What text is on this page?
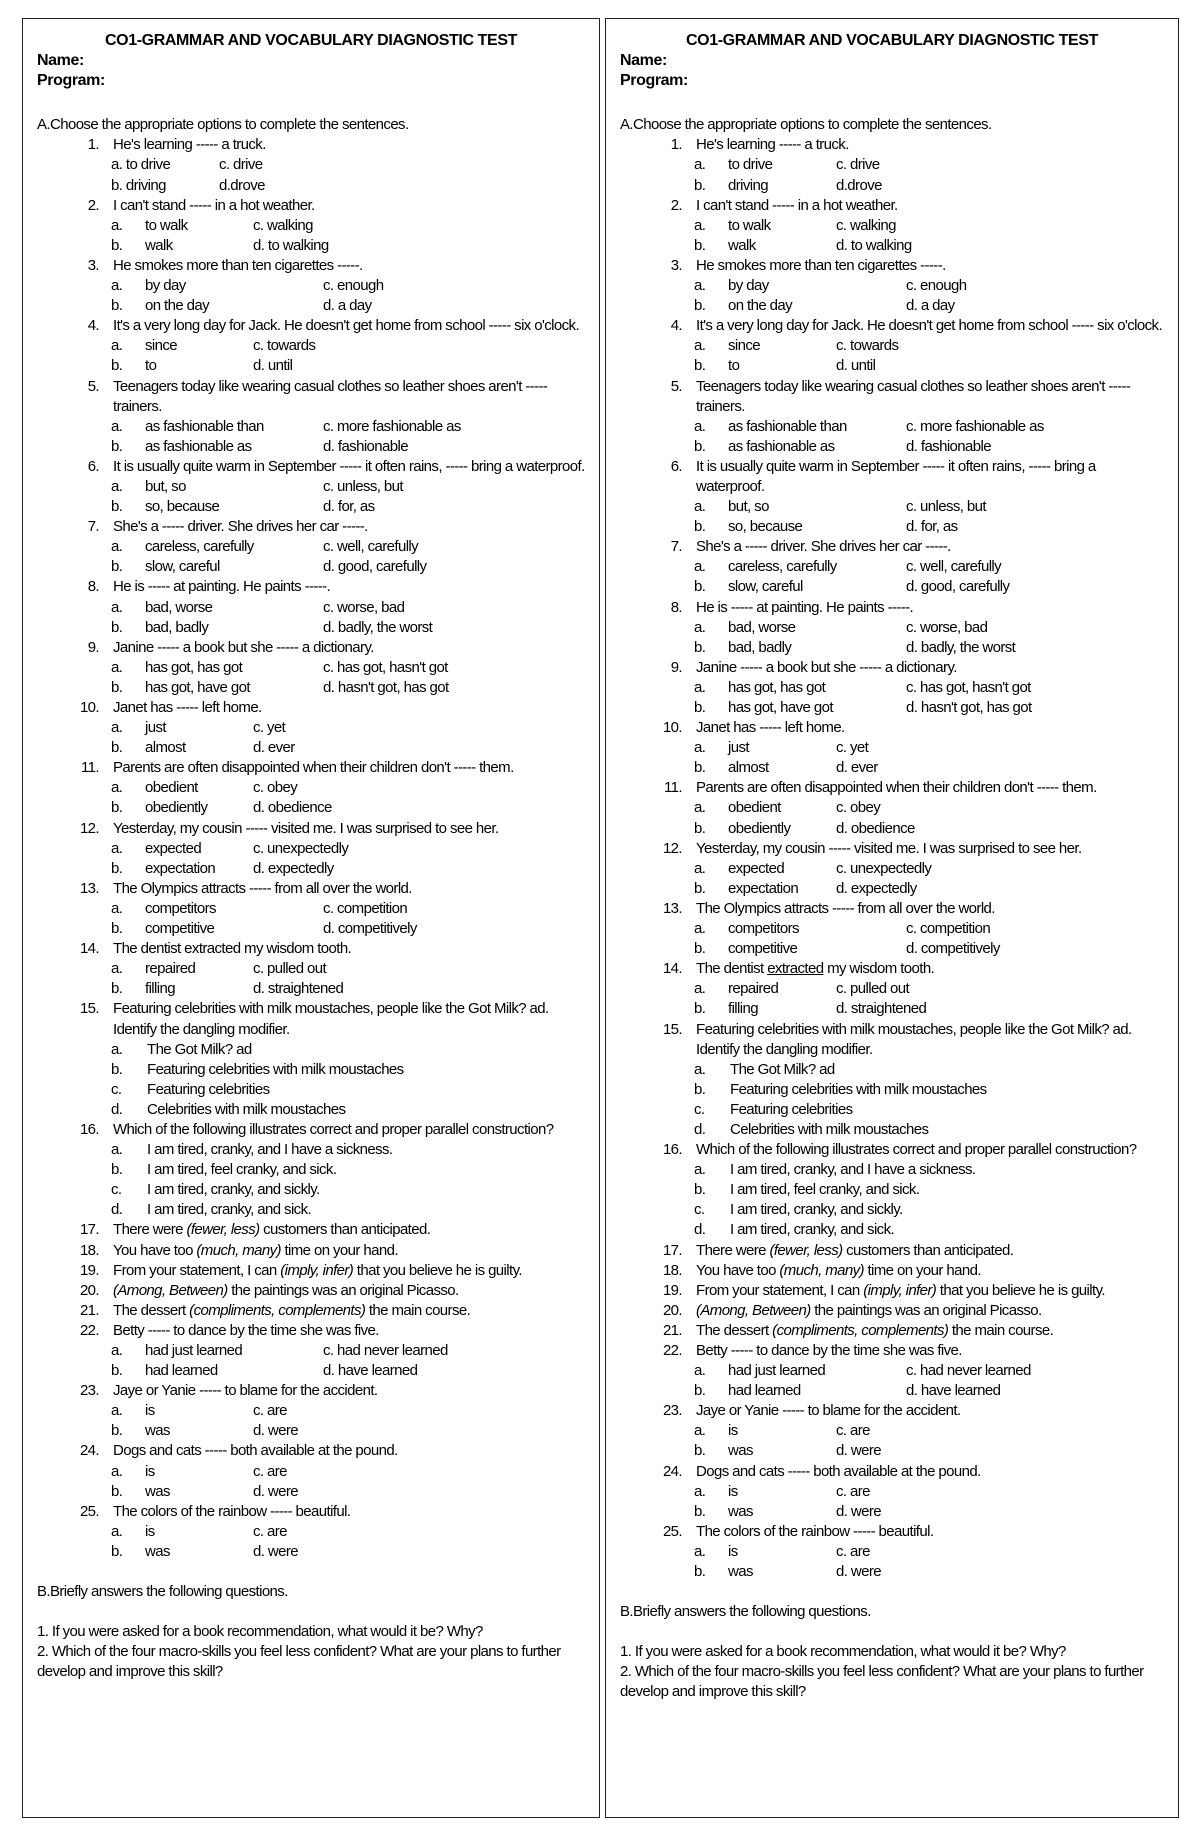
CO1-GRAMMAR AND VOCABULARY DIAGNOSTIC TEST
Name:
Program:
A.Choose the appropriate options to complete the sentences.
1. He's learning ----- a truck.
a. to drive	c. drive
b. driving	d.drove
2. I can't stand ----- in a hot weather.
a.	to walk	c. walking
b.	walk	d. to walking
3. He smokes more than ten cigarettes -----.
a.	by day	c. enough
b.	on the day	d. a day
4. It's a very long day for Jack. He doesn't get home from school ----- six o'clock.
a.	since	c. towards
b.	to	d. until
5. Teenagers today like wearing casual clothes so leather shoes aren't ----- trainers.
a.	as fashionable than	c. more fashionable as
b.	as fashionable as	d. fashionable
6. It is usually quite warm in September ----- it often rains, ----- bring a waterproof.
a.	but, so	c. unless, but
b.	so, because	d. for, as
7. She's a ----- driver. She drives her car -----.
a.	careless, carefully	c. well, carefully
b.	slow, careful	d. good, carefully
8. He is ----- at painting. He paints -----.
a.	bad, worse	c. worse, bad
b.	bad, badly	d. badly, the worst
9. Janine ----- a book but she ----- a dictionary.
a.	has got, has got	c. has got, hasn't got
b.	has got, have got	d. hasn't got, has got
10. Janet has ----- left home.
a.	just	c. yet
b.	almost	d. ever
11. Parents are often disappointed when their children don't ----- them.
a.	obedient	c. obey
b.	obediently	d. obedience
12. Yesterday, my cousin ----- visited me. I was surprised to see her.
a.	expected	c. unexpectedly
b.	expectation	d. expectedly
13. The Olympics attracts ----- from all over the world.
a.	competitors	c. competition
b.	competitive	d. competitively
14. The dentist extracted my wisdom tooth.
a.	repaired	c. pulled out
b.	filling	d. straightened
15. Featuring celebrities with milk moustaches, people like the Got Milk? ad. Identify the dangling modifier.
a.	The Got Milk? ad
b.	Featuring celebrities with milk moustaches
c.	Featuring celebrities
d.	Celebrities with milk moustaches
16. Which of the following illustrates correct and proper parallel construction?
a.	I am tired, cranky, and I have a sickness.
b.	I am tired, feel cranky, and sick.
c.	I am tired, cranky, and sickly.
d.	I am tired, cranky, and sick.
17. There were (fewer, less) customers than anticipated.
18. You have too (much, many) time on your hand.
19. From your statement, I can (imply, infer) that you believe he is guilty.
20. (Among, Between) the paintings was an original Picasso.
21. The dessert (compliments, complements) the main course.
22. Betty ----- to dance by the time she was five.
a.	had just learned	c. had never learned
b.	had learned	d. have learned
23. Jaye or Yanie ----- to blame for the accident.
a.	is	c. are
b.	was	d. were
24. Dogs and cats ----- both available at the pound.
a.	is	c. are
b.	was	d. were
25. The colors of the rainbow ----- beautiful.
a.	is	c. are
b.	was	d. were
B.Briefly answers the following questions.
1. If you were asked for a book recommendation, what would it be? Why?
2. Which of the four macro-skills you feel less confident? What are your plans to further develop and improve this skill?
CO1-GRAMMAR AND VOCABULARY DIAGNOSTIC TEST
Name:
Program:
A.Choose the appropriate options to complete the sentences.
1. He's learning ----- a truck.
a.	to drive	c. drive
b.	driving	d.drove
2. I can't stand ----- in a hot weather.
a.	to walk	c. walking
b.	walk	d. to walking
3. He smokes more than ten cigarettes -----.
a.	by day	c. enough
b.	on the day	d. a day
4. It's a very long day for Jack. He doesn't get home from school ----- six o'clock.
a.	since	c. towards
b.	to	d. until
5. Teenagers today like wearing casual clothes so leather shoes aren't ----- trainers.
a.	as fashionable than	c. more fashionable as
b.	as fashionable as	d. fashionable
6. It is usually quite warm in September ----- it often rains, ----- bring a waterproof.
a.	but, so	c. unless, but
b.	so, because	d. for, as
7. She's a ----- driver. She drives her car -----.
a.	careless, carefully	c. well, carefully
b.	slow, careful	d. good, carefully
8. He is ----- at painting. He paints -----.
a.	bad, worse	c. worse, bad
b.	bad, badly	d. badly, the worst
9. Janine ----- a book but she ----- a dictionary.
a.	has got, has got	c. has got, hasn't got
b.	has got, have got	d. hasn't got, has got
10. Janet has ----- left home.
a.	just	c. yet
b.	almost	d. ever
11. Parents are often disappointed when their children don't ----- them.
a.	obedient	c. obey
b.	obediently	d. obedience
12. Yesterday, my cousin ----- visited me. I was surprised to see her.
a.	expected	c. unexpectedly
b.	expectation	d. expectedly
13. The Olympics attracts ----- from all over the world.
a.	competitors	c. competition
b.	competitive	d. competitively
14. The dentist extracted my wisdom tooth.
a.	repaired	c. pulled out
b.	filling	d. straightened
15. Featuring celebrities with milk moustaches, people like the Got Milk? ad. Identify the dangling modifier.
a.	The Got Milk? ad
b.	Featuring celebrities with milk moustaches
c.	Featuring celebrities
d.	Celebrities with milk moustaches
16. Which of the following illustrates correct and proper parallel construction?
a.	I am tired, cranky, and I have a sickness.
b.	I am tired, feel cranky, and sick.
c.	I am tired, cranky, and sickly.
d.	I am tired, cranky, and sick.
17. There were (fewer, less) customers than anticipated.
18. You have too (much, many) time on your hand.
19. From your statement, I can (imply, infer) that you believe he is guilty.
20. (Among, Between) the paintings was an original Picasso.
21. The dessert (compliments, complements) the main course.
22. Betty ----- to dance by the time she was five.
a.	had just learned	c. had never learned
b.	had learned	d. have learned
23. Jaye or Yanie ----- to blame for the accident.
a.	is	c. are
b.	was	d. were
24. Dogs and cats ----- both available at the pound.
a.	is	c. are
b.	was	d. were
25. The colors of the rainbow ----- beautiful.
a.	is	c. are
b.	was	d. were
B.Briefly answers the following questions.
1. If you were asked for a book recommendation, what would it be? Why?
2. Which of the four macro-skills you feel less confident? What are your plans to further develop and improve this skill?
